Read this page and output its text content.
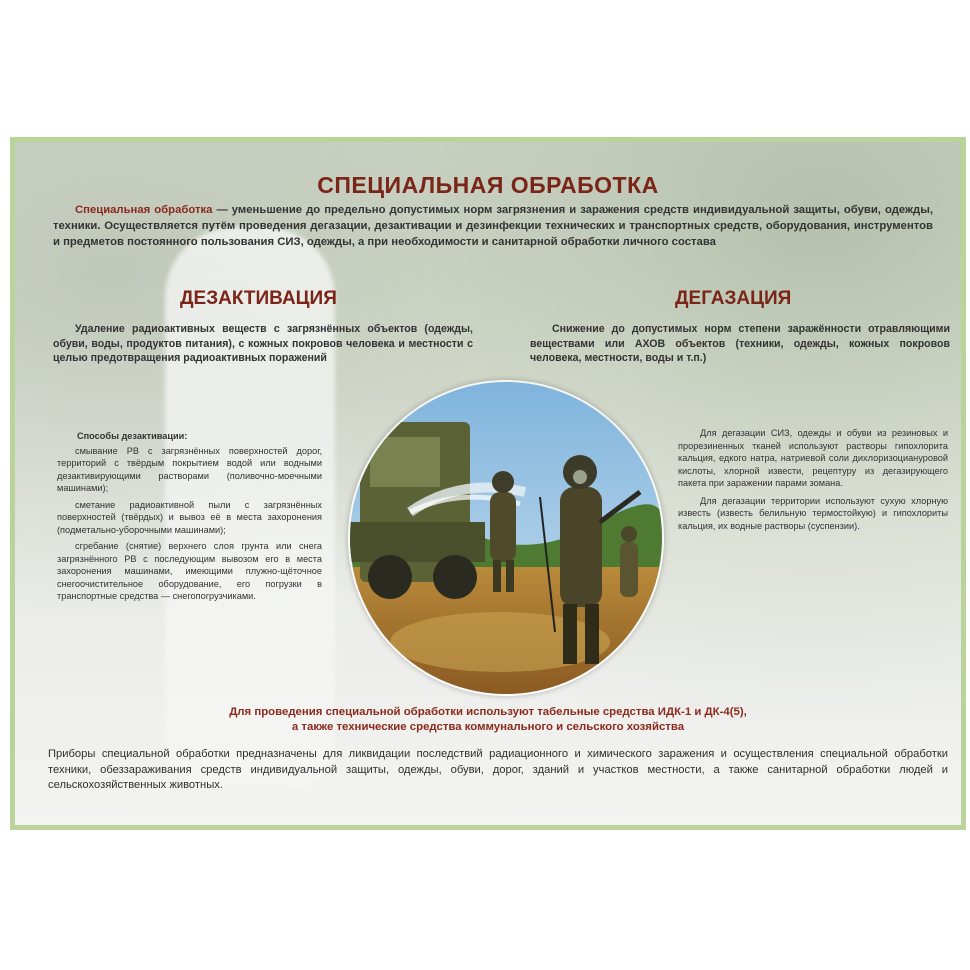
СПЕЦИАЛЬНАЯ ОБРАБОТКА
Специальная обработка — уменьшение до предельно допустимых норм загрязнения и заражения средств индивидуальной защиты, обуви, одежды, техники. Осуществляется путём проведения дегазации, дезактивации и дезинфекции технических и транспортных средств, оборудования, инструментов и предметов постоянного пользования СИЗ, одежды, а при необходимости и санитарной обработки личного состава
ДЕЗАКТИВАЦИЯ	ДЕГАЗАЦИЯ
Удаление радиоактивных веществ с загрязнённых объектов (одежды, обуви, воды, продуктов питания), с кожных покровов человека и местности с целью предотвращения радиоактивных поражений
Снижение до допустимых норм степени заражённости отравляющими веществами или АХОВ объектов (техники, одежды, кожных покровов человека, местности, воды и т.п.)
Способы дезактивации:

смывание РВ с загрязнённых поверхностей дорог, территорий с твёрдым покрытием водой или водными дезактивирующими растворами (поливочно-моечными машинами);

сметание радиоактивной пыли с загрязнённых поверхностей (твёрдых) и вывоз её в места захоронения (подметально-уборочными машинами);

сгребание (снятие) верхнего слоя грунта или снега загрязнённого РВ с последующим вывозом его в места захоронения машинами, имеющими плужно-щёточное снегоочистительное оборудование, его погрузки в транспортные средства — снегопогрузчиками.

Для дегазации СИЗ, одежды и обуви из резиновых и прорезиненных тканей используют растворы гипохлорита кальция, едкого натра, натриевой соли дихлоризоциануровой кислоты, хлорной извести, рецептуру из дегазирующего пакета при заражении парами зомана.

Для дегазации территории используют сухую хлорную известь (известь белильную термостойкую) и гипохлориты кальция, их водные растворы (суспензии).

Для проведения специальной обработки используют табельные средства ИДК-1 и ДК-4(5),
а также технические средства коммунального и сельского хозяйства
Приборы специальной обработки предназначены для ликвидации последствий радиационного и химического заражения и осуществления специальной обработки техники, обеззараживания средств индивидуальной защиты, одежды, обуви, дорог, зданий и участков местности, а также санитарной обработки людей и сельскохозяйственных животных.
